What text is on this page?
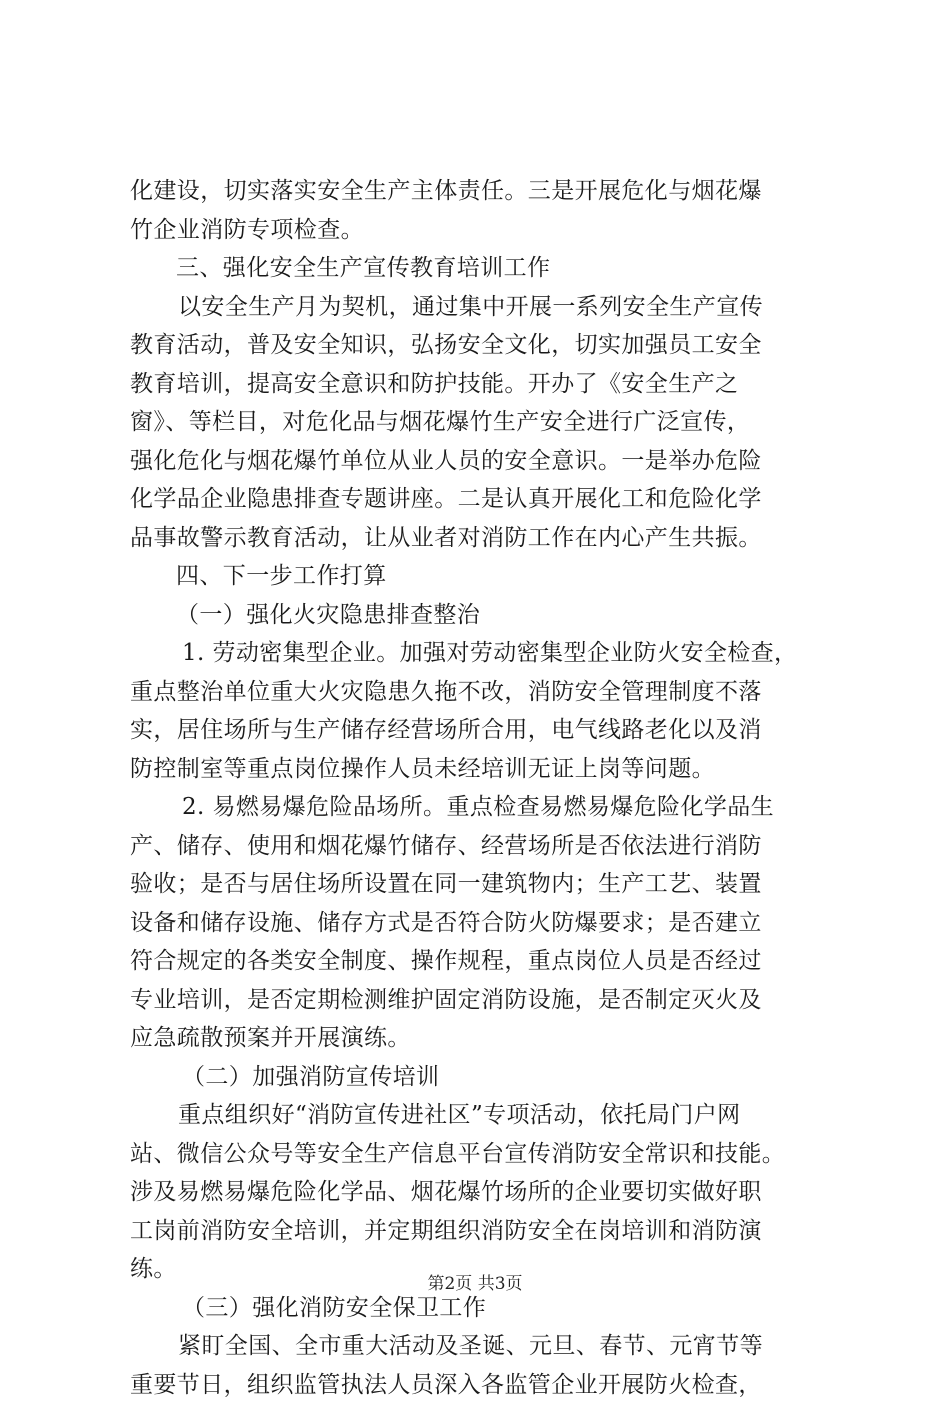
化建设，切实落实安全生产主体责任。三是开展危化与烟花爆
竹企业消防专项检查。
三、强化安全生产宣传教育培训工作
以安全生产月为契机，通过集中开展一系列安全生产宣传
教育活动，普及安全知识，弘扬安全文化，切实加强员工安全
教育培训，提高安全意识和防护技能。开办了《安全生产之
窗》、等栏目，对危化品与烟花爆竹生产安全进行广泛宣传，
强化危化与烟花爆竹单位从业人员的安全意识。一是举办危险
化学品企业隐患排查专题讲座。二是认真开展化工和危险化学
品事故警示教育活动，让从业者对消防工作在内心产生共振。
四、下一步工作打算
（一）强化火灾隐患排查整治
1. 劳动密集型企业。加强对劳动密集型企业防火安全检查，
重点整治单位重大火灾隐患久拖不改，消防安全管理制度不落
实，居住场所与生产储存经营场所合用，电气线路老化以及消
防控制室等重点岗位操作人员未经培训无证上岗等问题。
2. 易燃易爆危险品场所。重点检查易燃易爆危险化学品生
产、储存、使用和烟花爆竹储存、经营场所是否依法进行消防
验收；是否与居住场所设置在同一建筑物内；生产工艺、装置
设备和储存设施、储存方式是否符合防火防爆要求；是否建立
符合规定的各类安全制度、操作规程，重点岗位人员是否经过
专业培训，是否定期检测维护固定消防设施，是否制定灭火及
应急疏散预案并开展演练。
（二）加强消防宣传培训
重点组织好“消防宣传进社区”专项活动，依托局门户网
站、微信公众号等安全生产信息平台宣传消防安全常识和技能。
涉及易燃易爆危险化学品、烟花爆竹场所的企业要切实做好职
工岗前消防安全培训，并定期组织消防安全在岗培训和消防演
练。
（三）强化消防安全保卫工作
紧盯全国、全市重大活动及圣诞、元旦、春节、元宵节等
重要节日，组织监管执法人员深入各监管企业开展防火检查，
第2页 共3页
